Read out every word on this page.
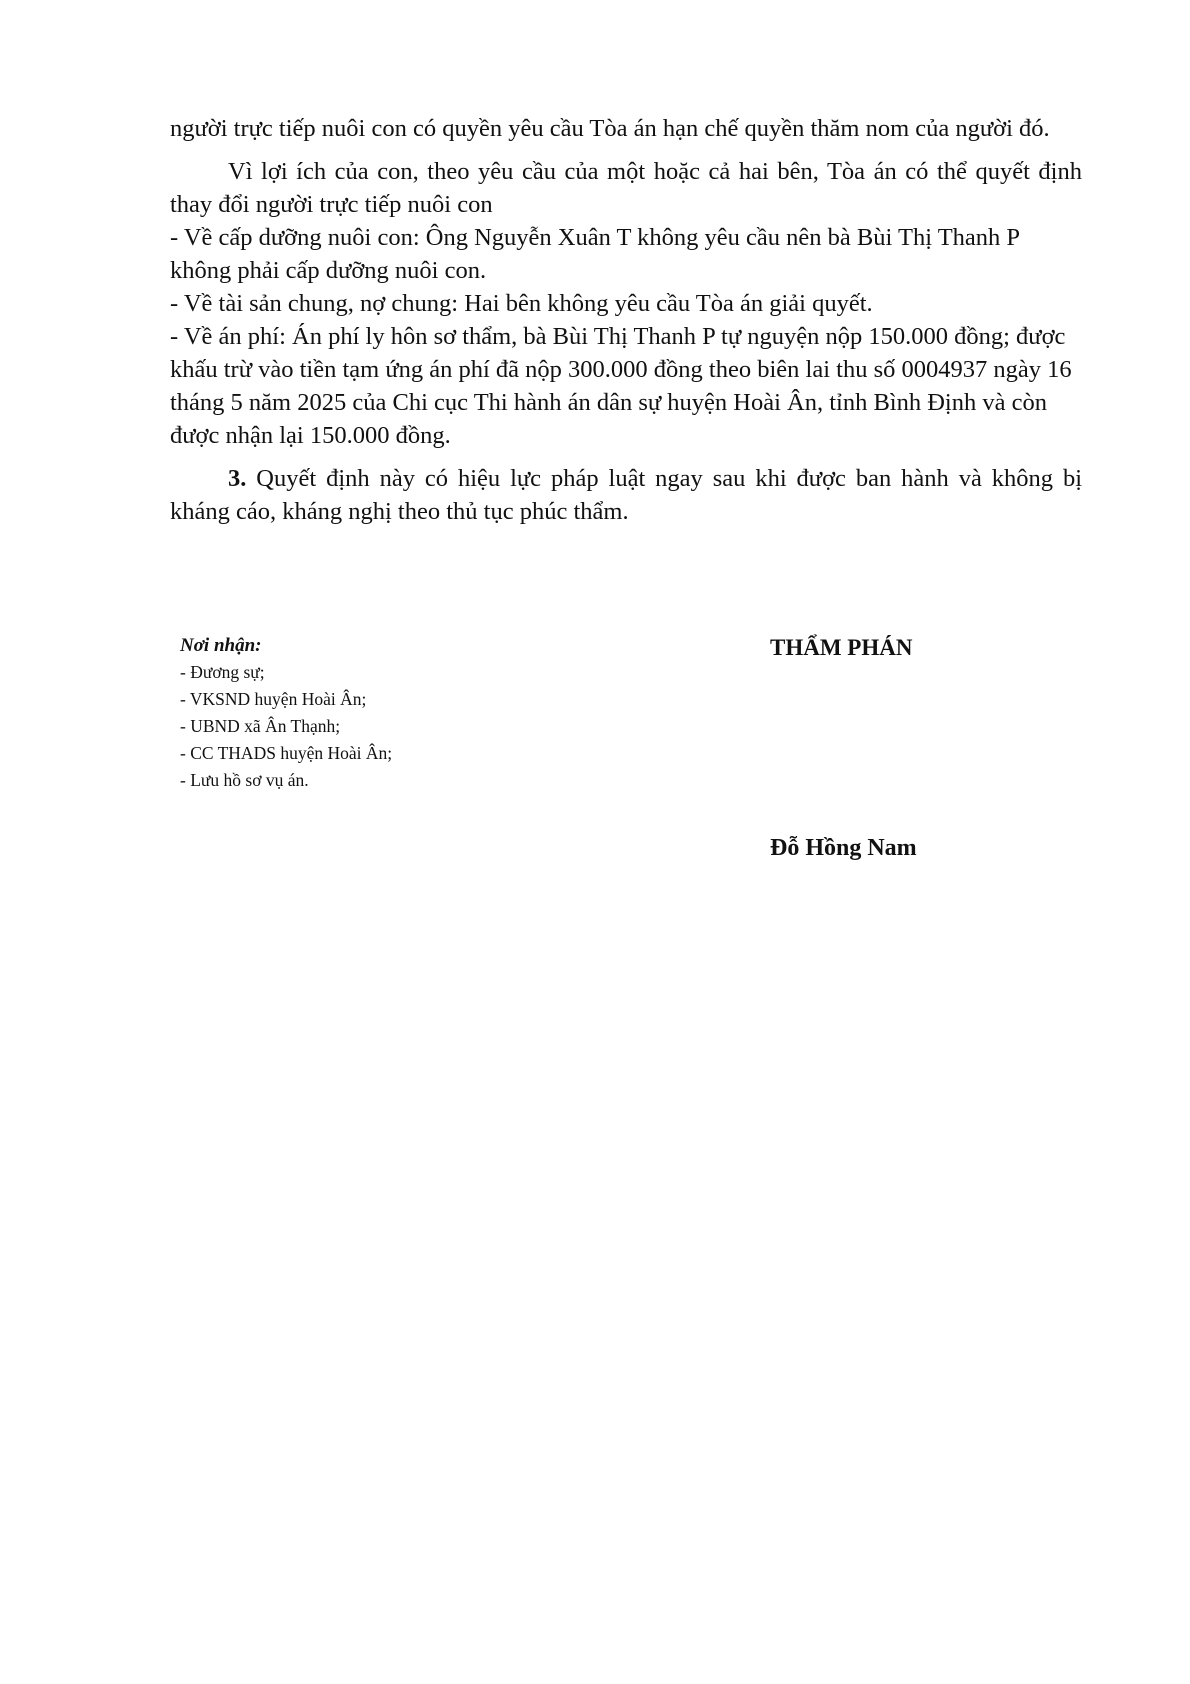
người trực tiếp nuôi con có quyền yêu cầu Tòa án hạn chế quyền thăm nom của người đó.

Vì lợi ích của con, theo yêu cầu của một hoặc cả hai bên, Tòa án có thể quyết định thay đổi người trực tiếp nuôi con

- Về cấp dưỡng nuôi con: Ông Nguyễn Xuân T không yêu cầu nên bà Bùi Thị Thanh P không phải cấp dưỡng nuôi con.

- Về tài sản chung, nợ chung: Hai bên không yêu cầu Tòa án giải quyết.

- Về án phí: Án phí ly hôn sơ thẩm, bà Bùi Thị Thanh P tự nguyện nộp 150.000 đồng; được khấu trừ vào tiền tạm ứng án phí đã nộp 300.000 đồng theo biên lai thu số 0004937 ngày 16 tháng 5 năm 2025 của Chi cục Thi hành án dân sự huyện Hoài Ân, tỉnh Bình Định và còn được nhận lại 150.000 đồng.

3. Quyết định này có hiệu lực pháp luật ngay sau khi được ban hành và không bị kháng cáo, kháng nghị theo thủ tục phúc thẩm.

Nơi nhận:

- Đương sự;
- VKSND huyện Hoài Ân;
- UBND xã Ân Thạnh;
- CC THADS huyện Hoài Ân;
- Lưu hồ sơ vụ án.

THẨM PHÁN

Đỗ Hồng Nam
